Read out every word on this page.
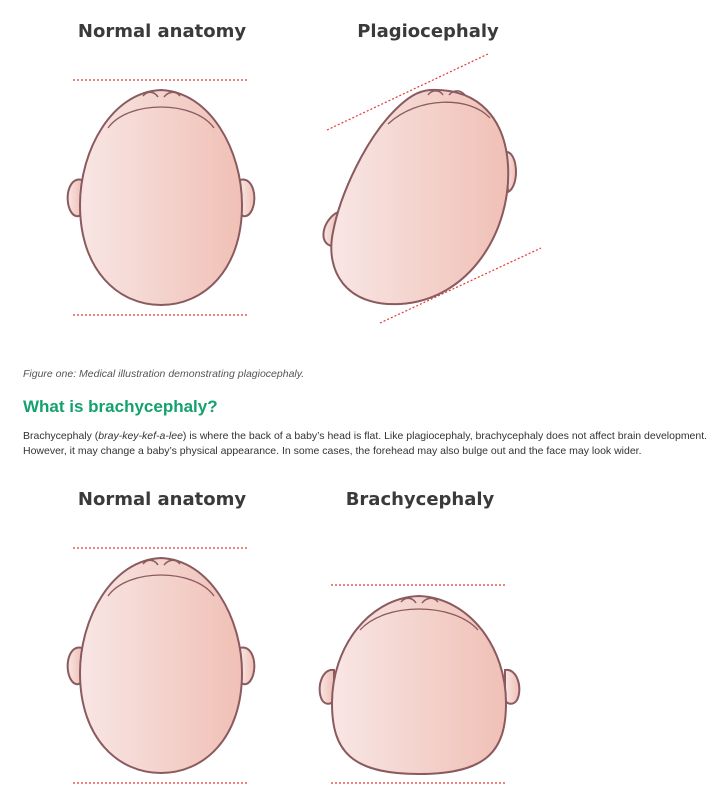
Normal anatomy	Plagiocephaly
Figure one: Medical illustration demonstrating plagiocephaly.
What is brachycephaly?
Brachycephaly (bray-key-kef-a-lee) is where the back of a baby’s head is flat. Like plagiocephaly, brachycephaly does not affect brain development.
However, it may change a baby’s physical appearance. In some cases, the forehead may also bulge out and the face may look wider.
Normal anatomy	Brachycephaly
